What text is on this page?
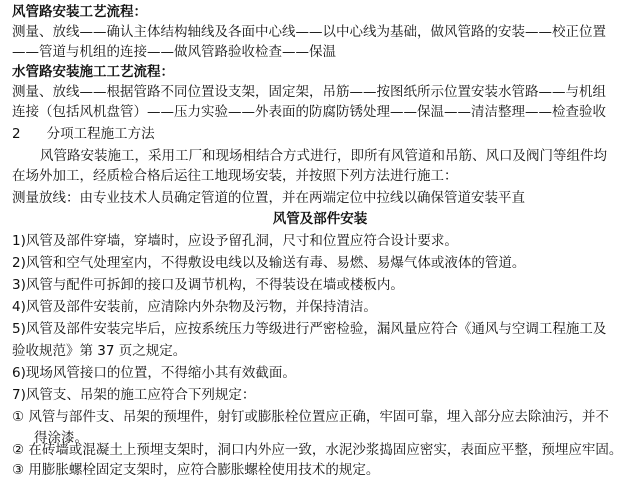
风管路安装工艺流程：
测量、放线——确认主体结构轴线及各面中心线——以中心线为基础，做风管路的安装——校正位置
——管道与机组的连接——做风管路验收检查——保温
水管路安装施工工艺流程：
测量、放线——根据管路不同位置设支架，固定架，吊筋——按图纸所示位置安装水管路——与机组
连接（包括风机盘管）——压力实验——外表面的防腐防锈处理——保温——清洁整理——检查验收
2 分项工程施工方法
风管路安装施工，采用工厂和现场相结合方式进行，即所有风管道和吊筋、风口及阀门等组件均
在场外加工，经质检合格后运往工地现场安装，并按照下列方法进行施工：
测量放线：由专业技术人员确定管道的位置，并在两端定位中拉线以确保管道安装平直
风管及部件安装
1)风管及部件穿墙，穿墙时，应设予留孔洞，尺寸和位置应符合设计要求。
2)风管和空气处理室内，不得敷设电线以及输送有毒、易燃、易爆气体或液体的管道。
3)风管与配件可拆卸的接口及调节机构，不得装设在墙或楼板内。
4)风管及部件安装前，应清除内外杂物及污物，并保持清洁。
5)风管及部件安装完毕后，应按系统压力等级进行严密检验，漏风量应符合《通风与空调工程施工及
验收规范》第 37 页之规定。
6)现场风管接口的位置，不得缩小其有效截面。
7)风管支、吊架的施工应符合下列规定：
① 风管与部件支、吊架的预埋件，射钉或膨胀栓位置应正确，牢固可靠，埋入部分应去除油污，并不
得涂漆。
② 在砖墙或混凝土上预埋支架时，洞口内外应一致，水泥沙浆捣固应密实，表面应平整，预埋应牢固。
③ 用膨胀螺栓固定支架时，应符合膨胀螺栓使用技术的规定。
